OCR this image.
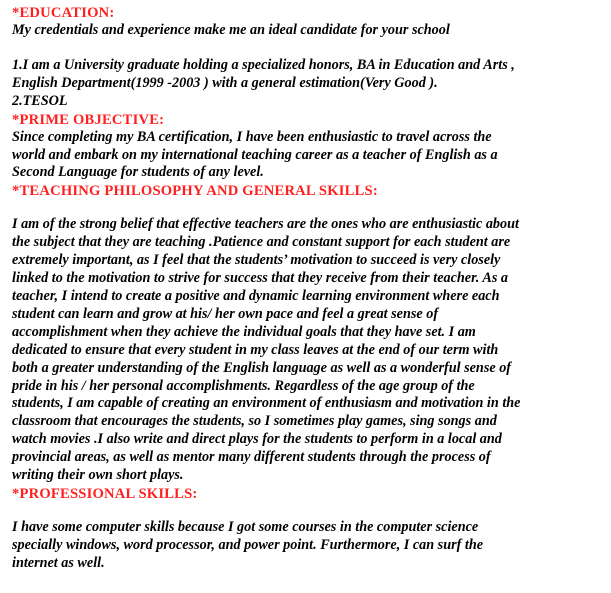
*EDUCATION:
My credentials and experience make me an ideal candidate for your school
1.I am a University graduate holding a specialized honors, BA in Education and Arts ,
English Department(1999 -2003 ) with a general estimation(Very Good ).
2.TESOL
*PRIME OBJECTIVE:
Since completing my BA certification, I have been enthusiastic to travel across the
world and embark on my international teaching career as a teacher of English as a
Second Language for students of any level.
*TEACHING PHILOSOPHY AND GENERAL SKILLS:
I am of the strong belief that effective teachers are the ones who are enthusiastic about
the subject that they are teaching .Patience and constant support for each student are
extremely important, as I feel that the students’ motivation to succeed is very closely
linked to the motivation to strive for success that they receive from their teacher. As a
teacher, I intend to create a positive and dynamic learning environment where each
student can learn and grow at his/ her own pace and feel a great sense of
accomplishment when they achieve the individual goals that they have set. I am
dedicated to ensure that every student in my class leaves at the end of our term with
both a greater understanding of the English language as well as a wonderful sense of
pride in his / her personal accomplishments. Regardless of the age group of the
students, I am capable of creating an environment of enthusiasm and motivation in the
classroom that encourages the students, so I sometimes play games, sing songs and
watch movies .I also write and direct plays for the students to perform in a local and
provincial areas, as well as mentor many different students through the process of
writing their own short plays.
*PROFESSIONAL SKILLS:
I have some computer skills because I got some courses in the computer science
specially windows, word processor, and power point. Furthermore, I can surf the
internet as well.
